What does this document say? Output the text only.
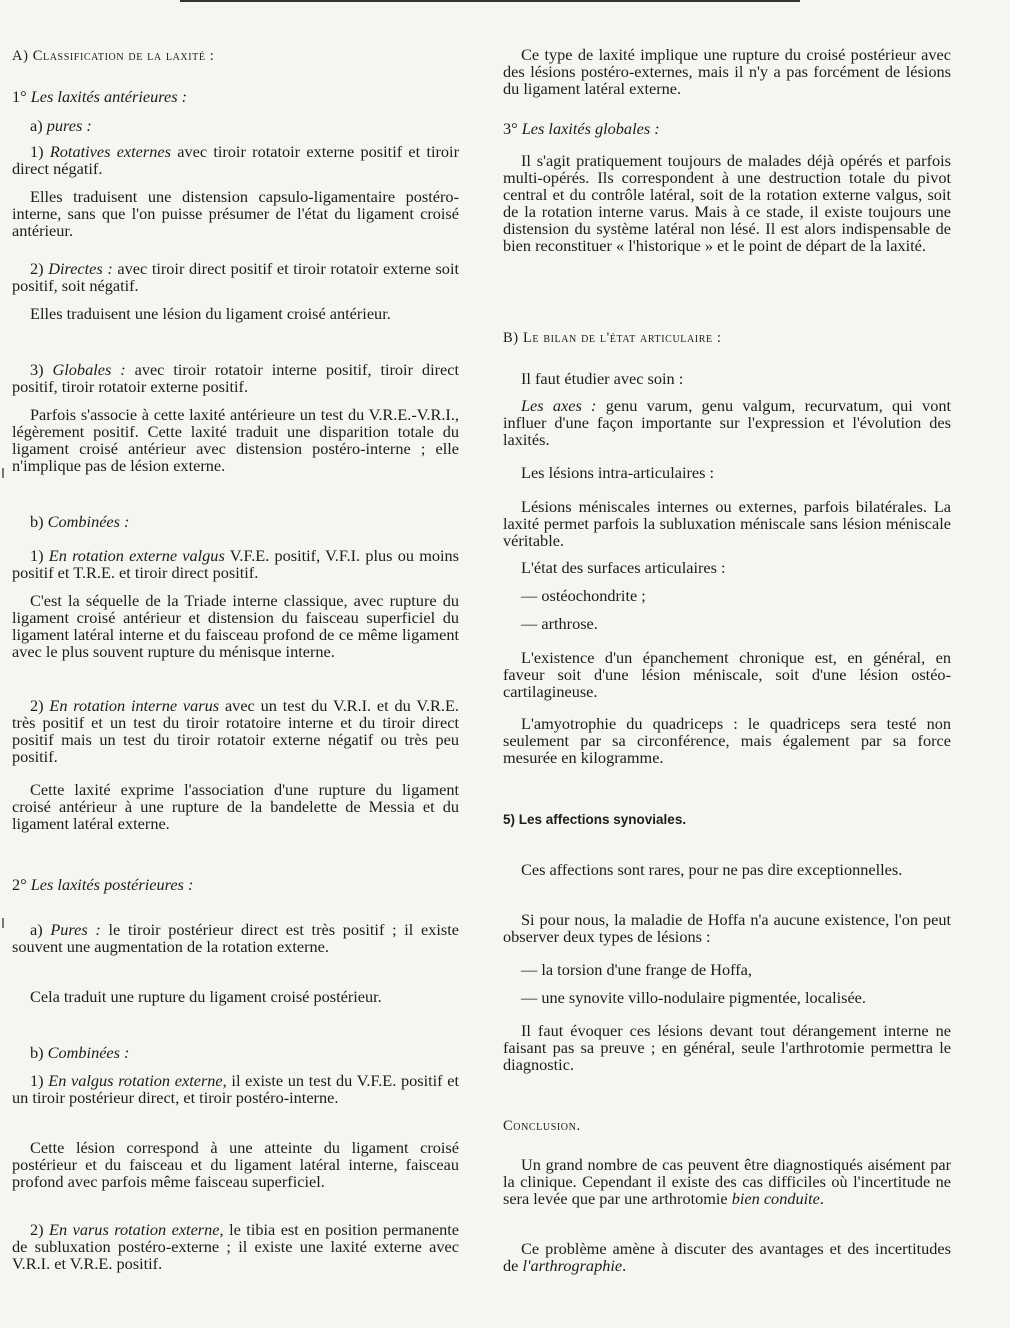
A) Classification de la laxité :

1° Les laxités antérieures :

a) pures :

1) Rotatives externes avec tiroir rotatoir externe positif et tiroir direct négatif.

Elles traduisent une distension capsulo-ligamentaire postéro-interne, sans que l'on puisse présumer de l'état du ligament croisé antérieur.

2) Directes : avec tiroir direct positif et tiroir rotatoir externe soit positif, soit négatif.

Elles traduisent une lésion du ligament croisé antérieur.

3) Globales : avec tiroir rotatoir interne positif, tiroir direct positif, tiroir rotatoir externe positif.

Parfois s'associe à cette laxité antérieure un test du V.R.E.-V.R.I., légèrement positif. Cette laxité traduit une disparition totale du ligament croisé antérieur avec distension postéro-interne ; elle n'implique pas de lésion externe.

b) Combinées :

1) En rotation externe valgus V.F.E. positif, V.F.I. plus ou moins positif et T.R.E. et tiroir direct positif.

C'est la séquelle de la Triade interne classique, avec rupture du ligament croisé antérieur et distension du faisceau superficiel du ligament latéral interne et du faisceau profond de ce même ligament avec le plus souvent rupture du ménisque interne.

2) En rotation interne varus avec un test du V.R.I. et du V.R.E. très positif et un test du tiroir rotatoire interne et du tiroir direct positif mais un test du tiroir rotatoir externe négatif ou très peu positif.

Cette laxité exprime l'association d'une rupture du ligament croisé antérieur à une rupture de la bandelette de Messia et du ligament latéral externe.

2° Les laxités postérieures :

a) Pures : le tiroir postérieur direct est très positif ; il existe souvent une augmentation de la rotation externe.

Cela traduit une rupture du ligament croisé postérieur.

b) Combinées :

1) En valgus rotation externe, il existe un test du V.F.E. positif et un tiroir postérieur direct, et tiroir postéro-interne.

Cette lésion correspond à une atteinte du ligament croisé postérieur et du faisceau et du ligament latéral interne, faisceau profond avec parfois même faisceau superficiel.

2) En varus rotation externe, le tibia est en position permanente de subluxation postéro-externe ; il existe une laxité externe avec V.R.I. et V.R.E. positif.

Ce type de laxité implique une rupture du croisé postérieur avec des lésions postéro-externes, mais il n'y a pas forcément de lésions du ligament latéral externe.

3° Les laxités globales :

Il s'agit pratiquement toujours de malades déjà opérés et parfois multi-opérés. Ils correspondent à une destruction totale du pivot central et du contrôle latéral, soit de la rotation externe valgus, soit de la rotation interne varus. Mais à ce stade, il existe toujours une distension du système latéral non lésé. Il est alors indispensable de bien reconstituer « l'historique » et le point de départ de la laxité.

B) Le bilan de l'état articulaire :

Il faut étudier avec soin :

Les axes : genu varum, genu valgum, recurvatum, qui vont influer d'une façon importante sur l'expression et l'évolution des laxités.

Les lésions intra-articulaires :

Lésions méniscales internes ou externes, parfois bilatérales. La laxité permet parfois la subluxation méniscale sans lésion méniscale véritable.

L'état des surfaces articulaires :

— ostéochondrite ;

— arthrose.

L'existence d'un épanchement chronique est, en général, en faveur soit d'une lésion méniscale, soit d'une lésion ostéo-cartilagineuse.

L'amyotrophie du quadriceps : le quadriceps sera testé non seulement par sa circonférence, mais également par sa force mesurée en kilogramme.

5) Les affections synoviales.

Ces affections sont rares, pour ne pas dire exceptionnelles.

Si pour nous, la maladie de Hoffa n'a aucune existence, l'on peut observer deux types de lésions :

— la torsion d'une frange de Hoffa,

— une synovite villo-nodulaire pigmentée, localisée.

Il faut évoquer ces lésions devant tout dérangement interne ne faisant pas sa preuve ; en général, seule l'arthrotomie permettra le diagnostic.

Conclusion.

Un grand nombre de cas peuvent être diagnostiqués aisément par la clinique. Cependant il existe des cas difficiles où l'incertitude ne sera levée que par une arthrotomie bien conduite.

Ce problème amène à discuter des avantages et des incertitudes de l'arthrographie.
